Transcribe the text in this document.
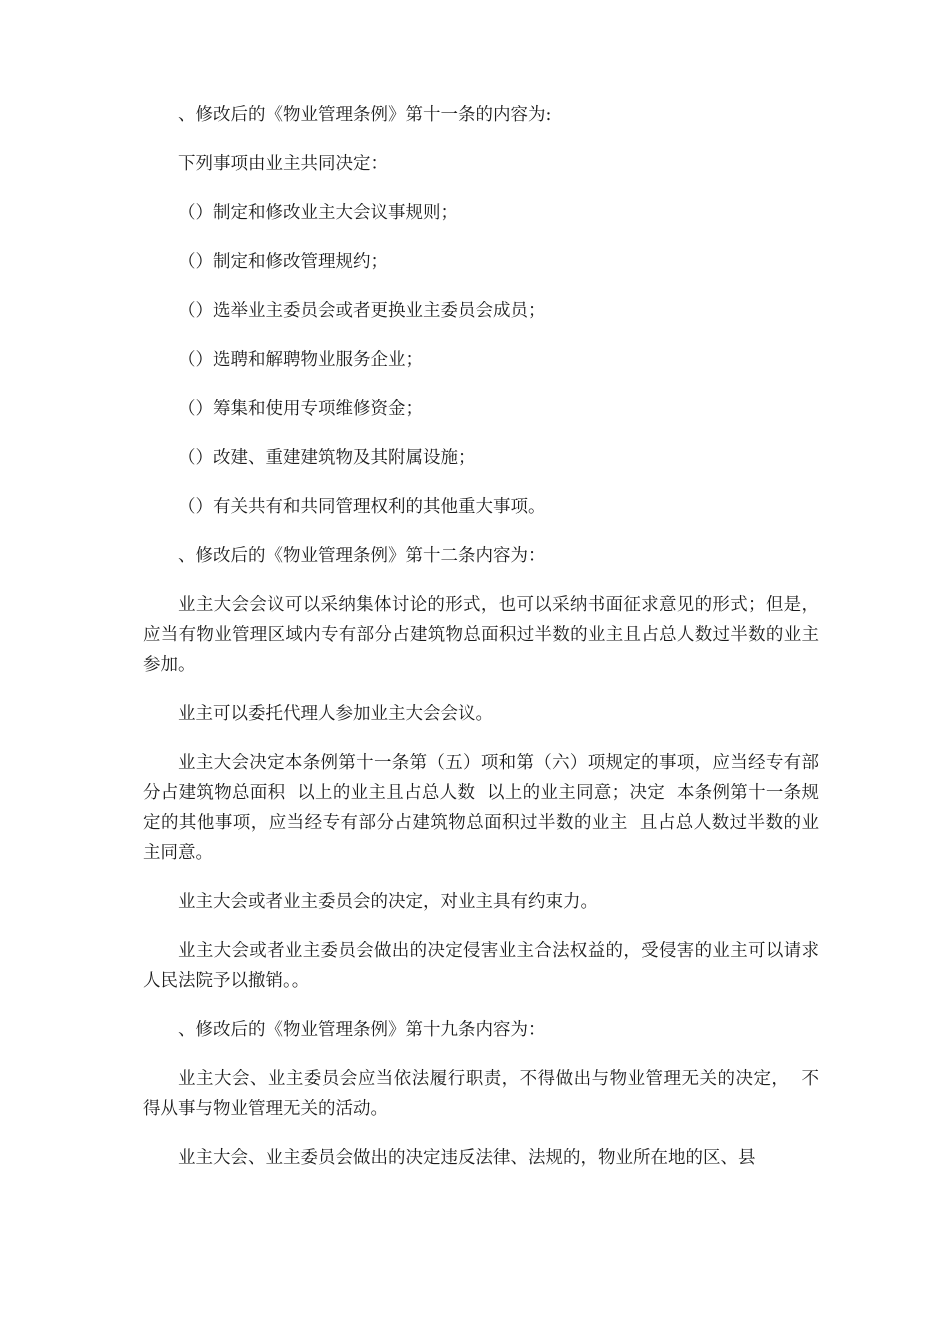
、修改后的《物业管理条例》第十一条的内容为:

下列事项由业主共同决定：

（）制定和修改业主大会议事规则；

（）制定和修改管理规约；

（）选举业主委员会或者更换业主委员会成员；

（）选聘和解聘物业服务企业；

（）筹集和使用专项维修资金；

（）改建、重建建筑物及其附属设施；

（）有关共有和共同管理权利的其他重大事项。

、修改后的《物业管理条例》第十二条内容为：

业主大会会议可以采纳集体讨论的形式，也可以采纳书面征求意见的形式；但是，应当有物业管理区域内专有部分占建筑物总面积过半数的业主且占总人数过半数的业主参加。

业主可以委托代理人参加业主大会会议。

业主大会决定本条例第十一条第（五）项和第（六）项规定的事项，应当经专有部分占建筑物总面积  以上的业主且占总人数  以上的业主同意；决定  本条例第十一条规定的其他事项，应当经专有部分占建筑物总面积过半数的业主  且占总人数过半数的业主同意。

业主大会或者业主委员会的决定，对业主具有约束力。

业主大会或者业主委员会做出的决定侵害业主合法权益的，受侵害的业主可以请求人民法院予以撤销。。

、修改后的《物业管理条例》第十九条内容为：

业主大会、业主委员会应当依法履行职责，不得做出与物业管理无关的决定，  不得从事与物业管理无关的活动。

业主大会、业主委员会做出的决定违反法律、法规的，物业所在地的区、县
